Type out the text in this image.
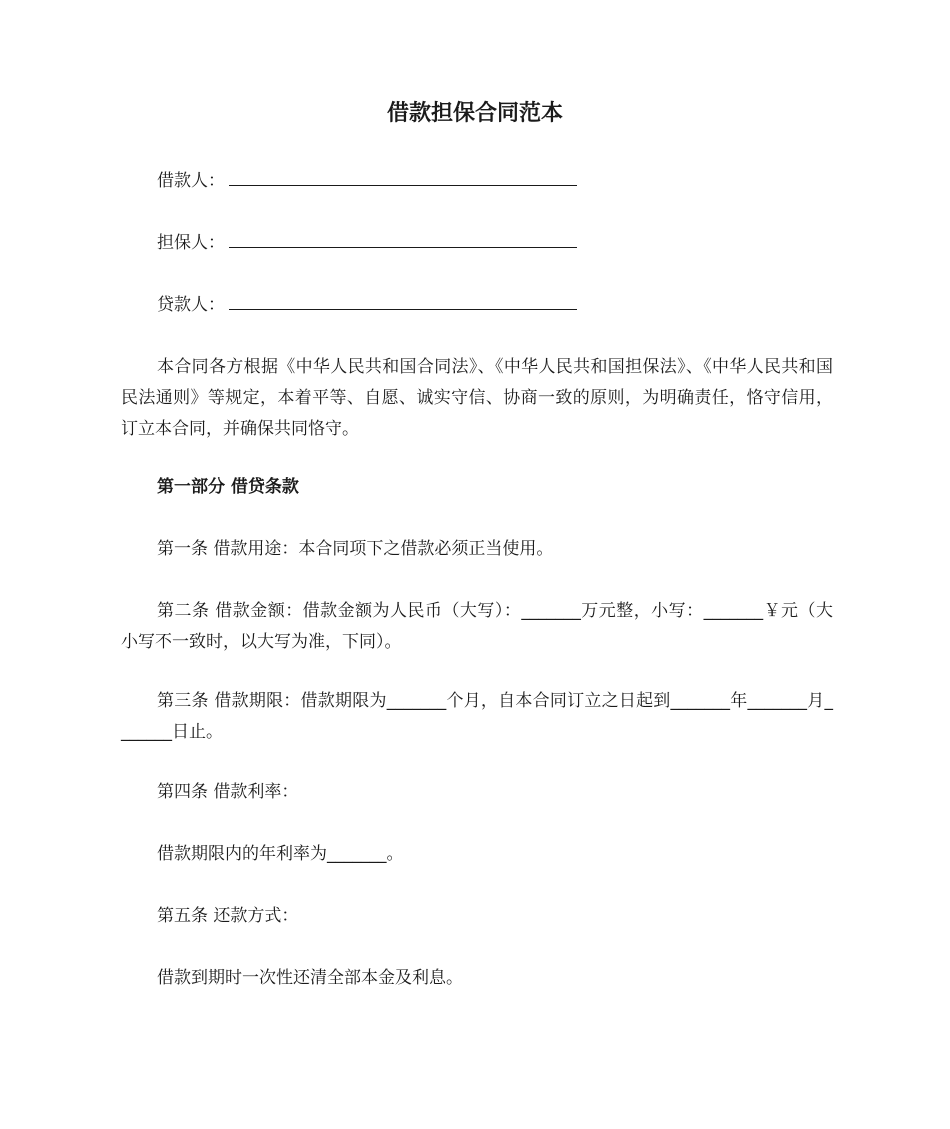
借款担保合同范本
借款人：
担保人：
贷款人：
本合同各方根据《中华人民共和国合同法》、《中华人民共和国担保法》、《中华人民共和国民法通则》等规定，本着平等、自愿、诚实守信、协商一致的原则，为明确责任，恪守信用，订立本合同，并确保共同恪守。
第一部分 借贷条款
第一条 借款用途：本合同项下之借款必须正当使用。
第二条 借款金额：借款金额为人民币（大写）：_______万元整，小写：_______￥元（大小写不一致时，以大写为准，下同）。
第三条 借款期限：借款期限为_______个月，自本合同订立之日起到_______年_______月_______日止。
第四条 借款利率：
借款期限内的年利率为_______。
第五条 还款方式：
借款到期时一次性还清全部本金及利息。
